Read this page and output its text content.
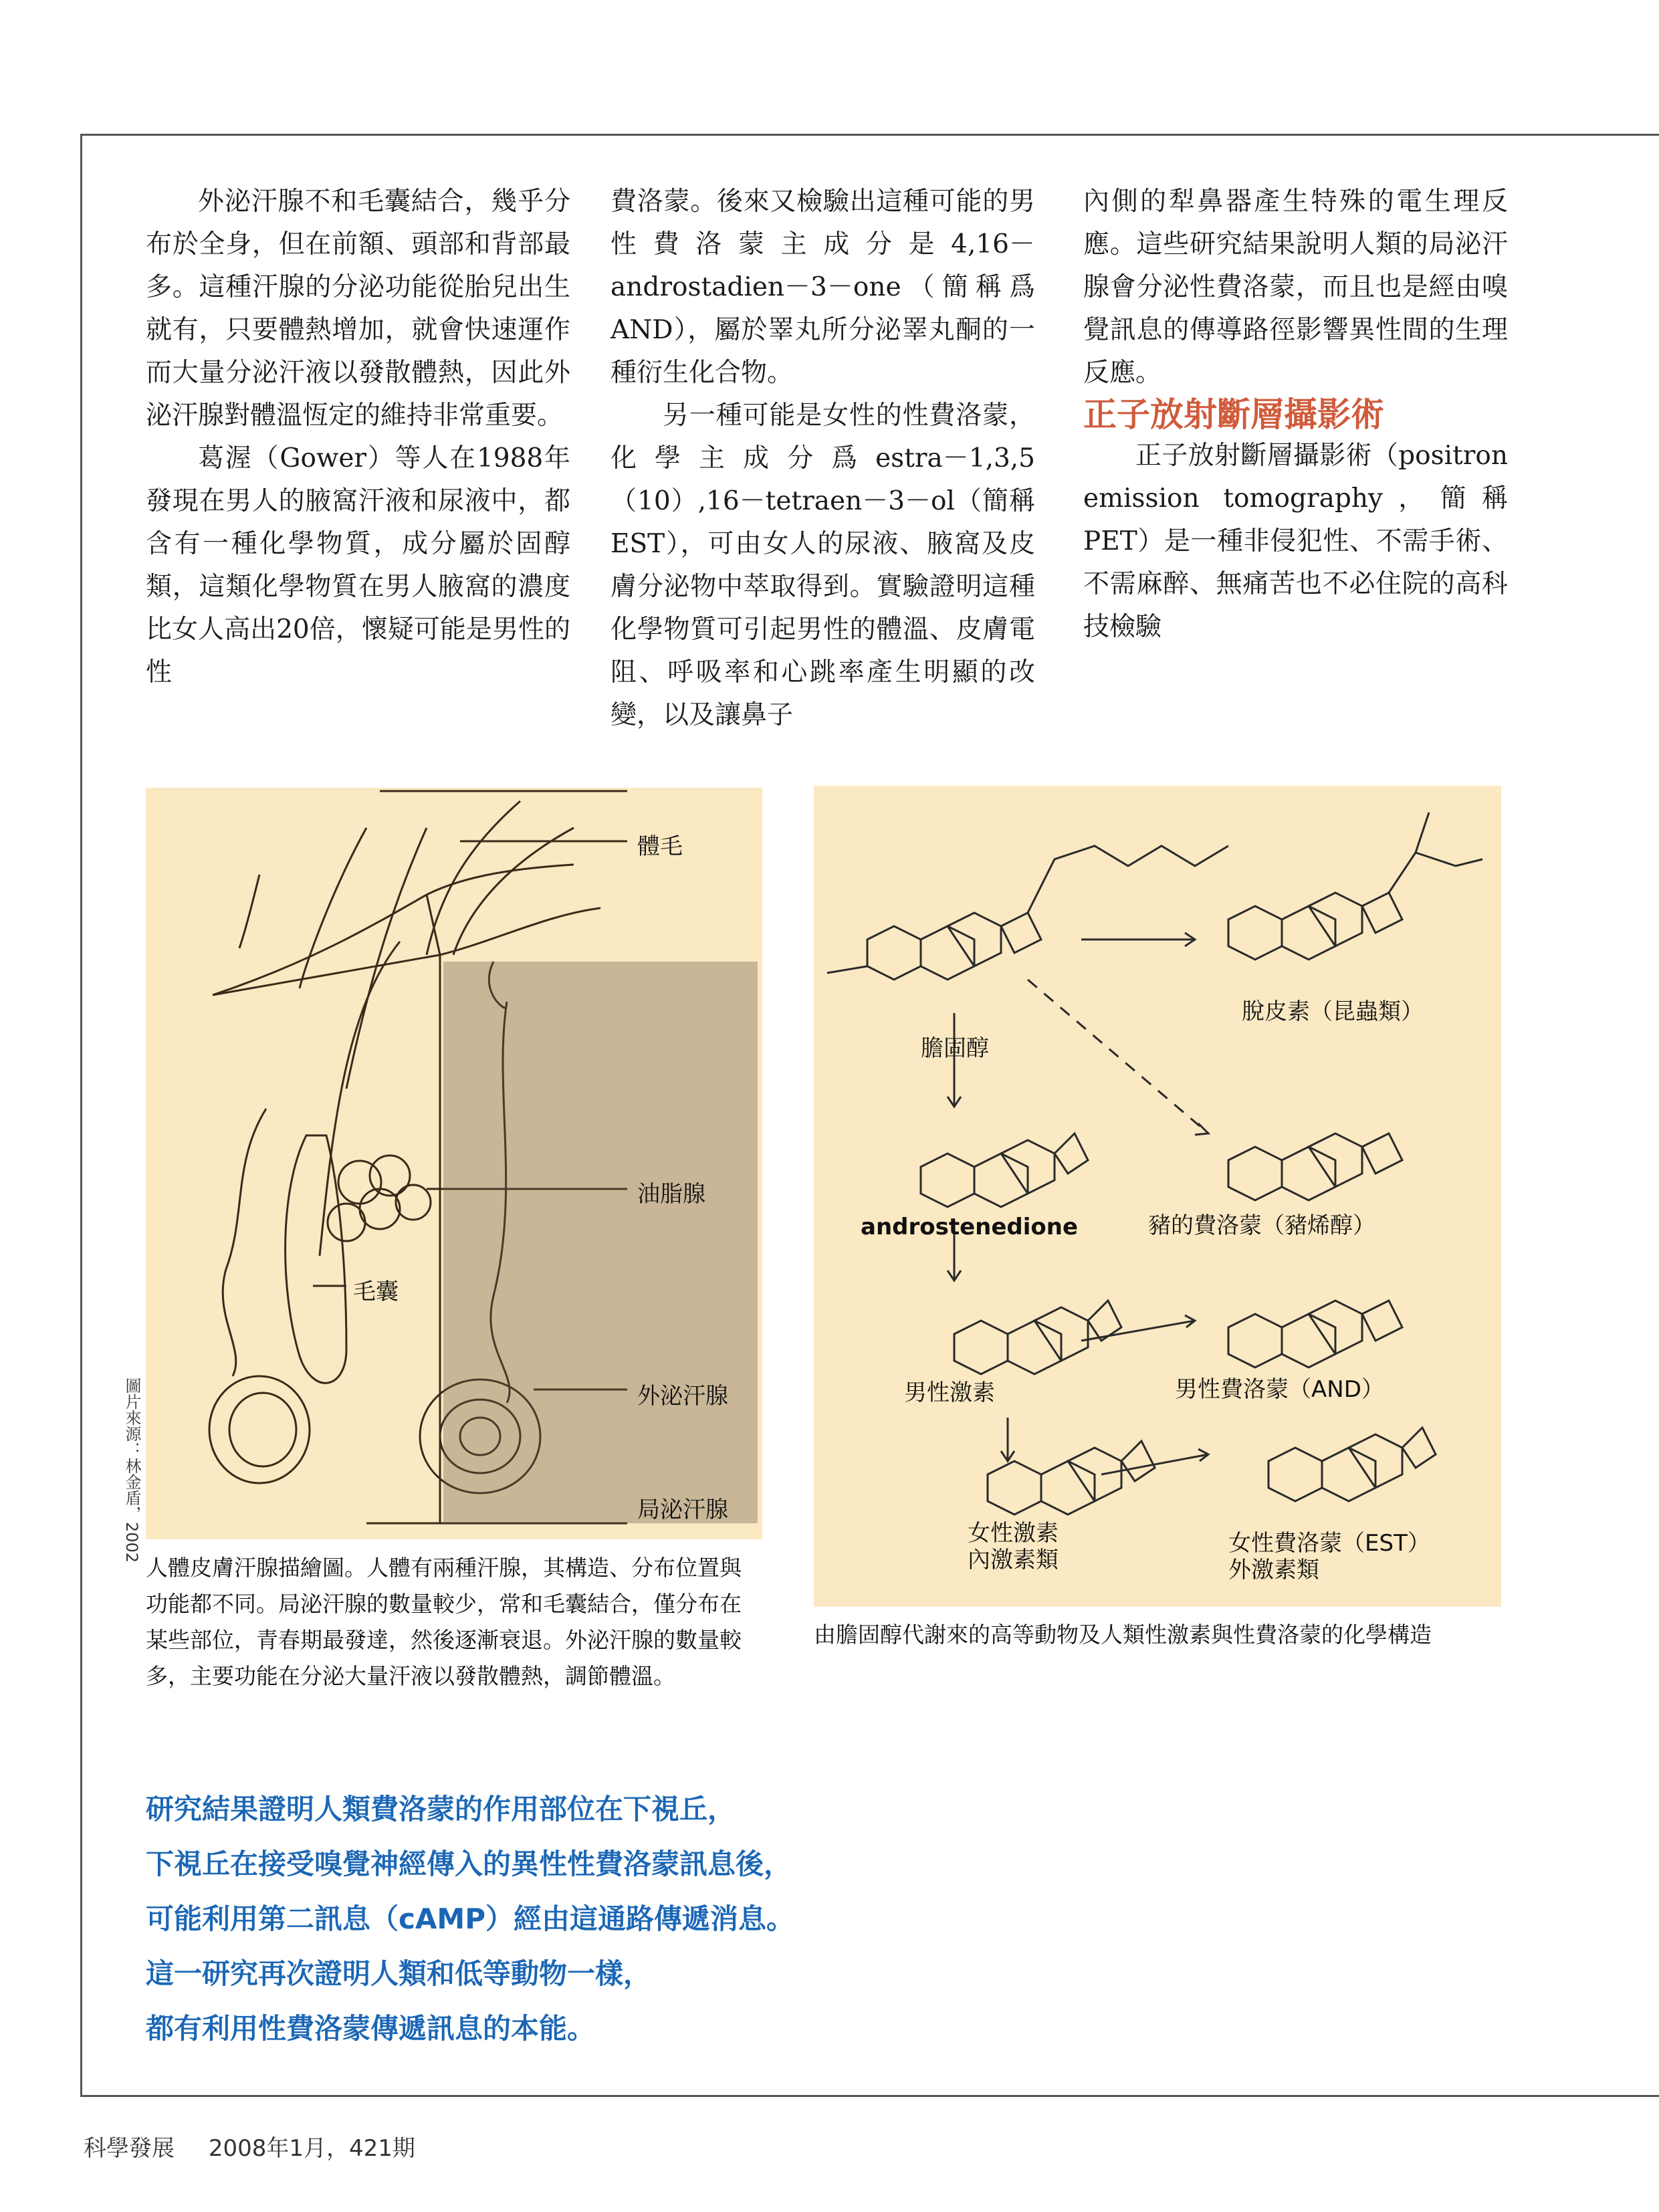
外泌汗腺不和毛囊結合，幾乎分布於全身，但在前額、頭部和背部最多。這種汗腺的分泌功能從胎兒出生就有，只要體熱增加，就會快速運作而大量分泌汗液以發散體熱，因此外泌汗腺對體溫恆定的維持非常重要。

葛渥（Gower）等人在1988年發現在男人的腋窩汗液和尿液中，都含有一種化學物質，成分屬於固醇類，這類化學物質在男人腋窩的濃度比女人高出20倍，懷疑可能是男性的性

費洛蒙。後來又檢驗出這種可能的男性費洛蒙主成分是4,16－androstadien－3－one（簡稱爲AND），屬於睪丸所分泌睪丸酮的一種衍生化合物。

另一種可能是女性的性費洛蒙，化學主成分爲estra－1,3,5（10）,16－tetraen－3－ol（簡稱EST），可由女人的尿液、腋窩及皮膚分泌物中萃取得到。實驗證明這種化學物質可引起男性的體溫、皮膚電阻、呼吸率和心跳率產生明顯的改變，以及讓鼻子

內側的犁鼻器產生特殊的電生理反應。這些研究結果說明人類的局泌汗腺會分泌性費洛蒙，而且也是經由嗅覺訊息的傳導路徑影響異性間的生理反應。

正子放射斷層攝影術

正子放射斷層攝影術（positron emission tomography，簡稱PET）是一種非侵犯性、不需手術、不需麻醉、無痛苦也不必住院的高科技檢驗

體毛
油脂腺
毛囊
外泌汗腺
局泌汗腺
圖片來源：林金盾，2002
人體皮膚汗腺描繪圖。人體有兩種汗腺，其構造、分布位置與功能都不同。局泌汗腺的數量較少，常和毛囊結合，僅分布在某些部位，青春期最發達，然後逐漸衰退。外泌汗腺的數量較多，主要功能在分泌大量汗液以發散體熱，調節體溫。
膽固醇
脫皮素（昆蟲類）
androstenedione	豬的費洛蒙（豬烯醇）
男性激素	男性費洛蒙（AND）
女性激素
內激素類
女性費洛蒙（EST）
外激素類
由膽固醇代謝來的高等動物及人類性激素與性費洛蒙的化學構造
研究結果證明人類費洛蒙的作用部位在下視丘，
下視丘在接受嗅覺神經傳入的異性性費洛蒙訊息後，
可能利用第二訊息（cAMP）經由這通路傳遞消息。
這一研究再次證明人類和低等動物一樣，
都有利用性費洛蒙傳遞訊息的本能。
科學發展 2008年1月，421期
